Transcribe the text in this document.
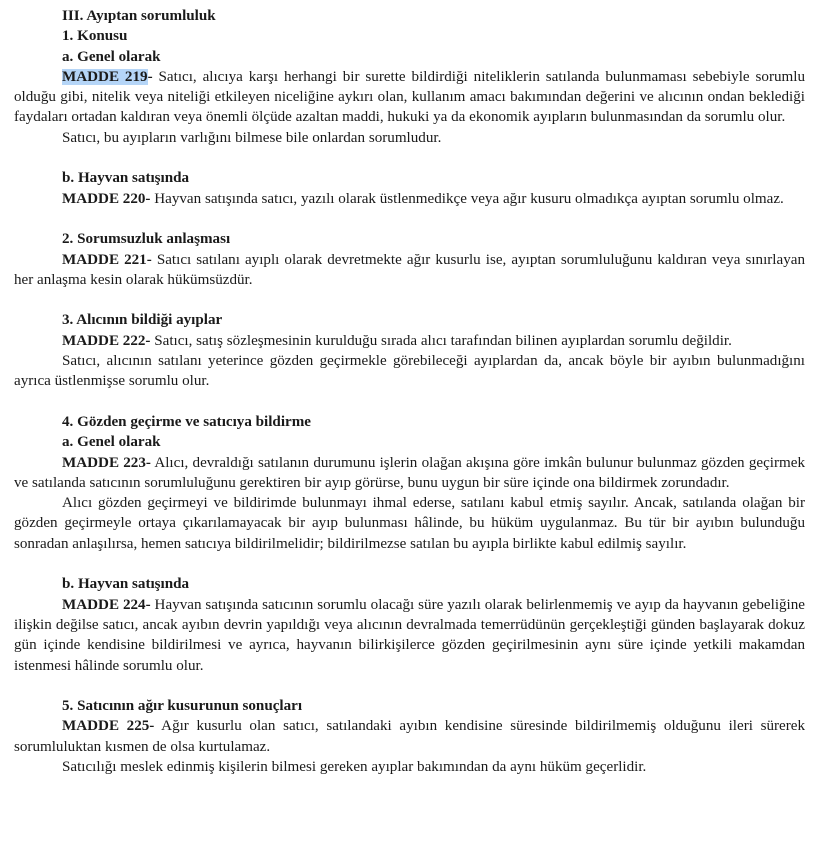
III. Ayıptan sorumluluk
1. Konusu
a. Genel olarak

MADDE 219- Satıcı, alıcıya karşı herhangi bir surette bildirdiği niteliklerin satılanda bulunmaması sebebiyle sorumlu olduğu gibi, nitelik veya niteliği etkileyen niceliğine aykırı olan, kullanım amacı bakımından değerini ve alıcının ondan beklediği faydaları ortadan kaldıran veya önemli ölçüde azaltan maddi, hukuki ya da ekonomik ayıpların bulunmasından da sorumlu olur.

Satıcı, bu ayıpların varlığını bilmese bile onlardan sorumludur.

b. Hayvan satışında

MADDE 220- Hayvan satışında satıcı, yazılı olarak üstlenmedikçe veya ağır kusuru olmadıkça ayıptan sorumlu olmaz.

2. Sorumsuzluk anlaşması

MADDE 221- Satıcı satılanı ayıplı olarak devretmekte ağır kusurlu ise, ayıptan sorumluluğunu kaldıran veya sınırlayan her anlaşma kesin olarak hükümsüzdür.

3. Alıcının bildiği ayıplar

MADDE 222- Satıcı, satış sözleşmesinin kurulduğu sırada alıcı tarafından bilinen ayıplardan sorumlu değildir.

Satıcı, alıcının satılanı yeterince gözden geçirmekle görebileceği ayıplardan da, ancak böyle bir ayıbın bulunmadığını ayrıca üstlenmişse sorumlu olur.

4. Gözden geçirme ve satıcıya bildirme
a. Genel olarak

MADDE 223- Alıcı, devraldığı satılanın durumunu işlerin olağan akışına göre imkân bulunur bulunmaz gözden geçirmek ve satılanda satıcının sorumluluğunu gerektiren bir ayıp görürse, bunu uygun bir süre içinde ona bildirmek zorundadır.

Alıcı gözden geçirmeyi ve bildirimde bulunmayı ihmal ederse, satılanı kabul etmiş sayılır. Ancak, satılanda olağan bir gözden geçirmeyle ortaya çıkarılamayacak bir ayıp bulunması hâlinde, bu hüküm uygulanmaz. Bu tür bir ayıbın bulunduğu sonradan anlaşılırsa, hemen satıcıya bildirilmelidir; bildirilmezse satılan bu ayıpla birlikte kabul edilmiş sayılır.

b. Hayvan satışında

MADDE 224- Hayvan satışında satıcının sorumlu olacağı süre yazılı olarak belirlenmemiş ve ayıp da hayvanın gebeliğine ilişkin değilse satıcı, ancak ayıbın devrin yapıldığı veya alıcının devralmada temerrüdünün gerçekleştiği günden başlayarak dokuz gün içinde kendisine bildirilmesi ve ayrıca, hayvanın bilirkişilerce gözden geçirilmesinin aynı süre içinde yetkili makamdan istenmesi hâlinde sorumlu olur.

5. Satıcının ağır kusurunun sonuçları

MADDE 225- Ağır kusurlu olan satıcı, satılandaki ayıbın kendisine süresinde bildirilmemiş olduğunu ileri sürerek sorumluluktan kısmen de olsa kurtulamaz.

Satıcılığı meslek edinmiş kişilerin bilmesi gereken ayıplar bakımından da aynı hüküm geçerlidir.
